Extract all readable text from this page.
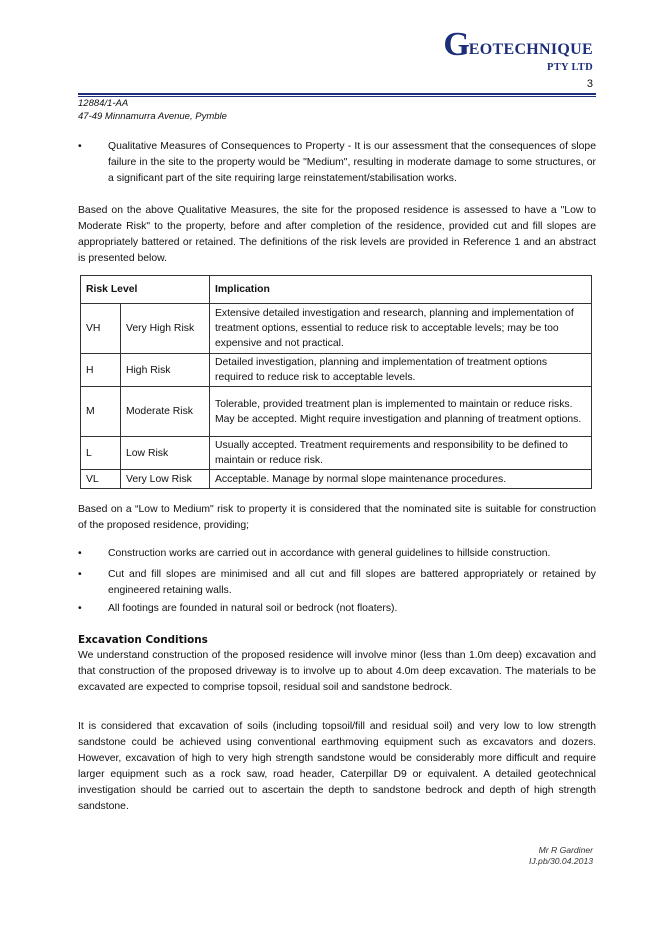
G EOTECHNIQUE
PTY LTD
3
12884/1-AA
47-49 Minnamurra Avenue, Pymble
•	Qualitative Measures of Consequences to Property - It is our assessment that the consequences of slope failure in the site to the property would be "Medium", resulting in moderate damage to some structures, or a significant part of the site requiring large reinstatement/stabilisation works.
Based on the above Qualitative Measures, the site for the proposed residence is assessed to have a "Low to Moderate Risk" to the property, before and after completion of the residence, provided cut and fill slopes are appropriately battered or retained. The definitions of the risk levels are provided in Reference 1 and an abstract is presented below.
Risk Level		Implication
VH	Very High Risk	Extensive detailed investigation and research, planning and implementation of treatment options, essential to reduce risk to acceptable levels; may be too expensive and not practical.
H	High Risk	Detailed investigation, planning and implementation of treatment options required to reduce risk to acceptable levels.
M	Moderate Risk	Tolerable, provided treatment plan is implemented to maintain or reduce risks. May be accepted. Might require investigation and planning of treatment options.
L	Low Risk	Usually accepted. Treatment requirements and responsibility to be defined to maintain or reduce risk.
VL	Very Low Risk	Acceptable. Manage by normal slope maintenance procedures.
Based on a “Low to Medium" risk to property it is considered that the nominated site is suitable for construction of the proposed residence, providing;
•	Construction works are carried out in accordance with general guidelines to hillside construction.
•	Cut and fill slopes are minimised and all cut and fill slopes are battered appropriately or retained by engineered retaining walls.
•	All footings are founded in natural soil or bedrock (not floaters).
Excavation Conditions
We understand construction of the proposed residence will involve minor (less than 1.0m deep) excavation and that construction of the proposed driveway is to involve up to about 4.0m deep excavation. The materials to be excavated are expected to comprise topsoil, residual soil and sandstone bedrock.
It is considered that excavation of soils (including topsoil/fill and residual soil) and very low to low strength sandstone could be achieved using conventional earthmoving equipment such as excavators and dozers. However, excavation of high to very high strength sandstone would be considerably more difficult and require larger equipment such as a rock saw, road header, Caterpillar D9 or equivalent. A detailed geotechnical investigation should be carried out to ascertain the depth to sandstone bedrock and depth of high strength sandstone.
Mr R Gardiner
IJ.pb/30.04.2013
